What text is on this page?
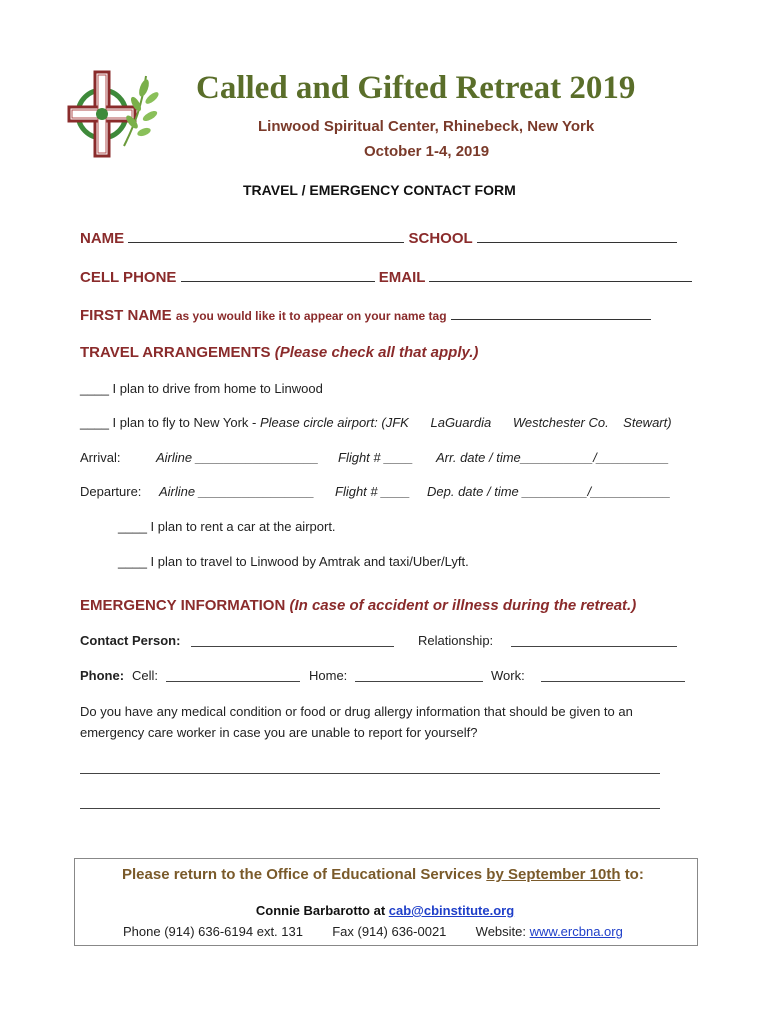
Called and Gifted Retreat 2019
Linwood Spiritual Center, Rhinebeck, New York
October 1-4, 2019
TRAVEL / EMERGENCY CONTACT FORM
NAME	SCHOOL
CELL PHONE	EMAIL
FIRST NAME as you would like it to appear on your name tag
TRAVEL ARRANGEMENTS (Please check all that apply.)
____ I plan to drive from home to Linwood
____ I plan to fly to New York - Please circle airport: (JFK      LaGuardia      Westchester Co.    Stewart)
Arrival:	Airline _________________ Flight # ____ Arr. date / time__________/__________
Departure: Airline ________________ Flight # ____ Dep. date / time _________/___________
____ I plan to rent a car at the airport.
____ I plan to travel to Linwood by Amtrak and taxi/Uber/Lyft.
EMERGENCY INFORMATION (In case of accident or illness during the retreat.)
Contact Person:	Relationship:
Phone: Cell:	Home:	Work:
Do you have any medical condition or food or drug allergy information that should be given to an
emergency care worker in case you are unable to report for yourself?
Please return to the Office of Educational Services by September 10th to:
Connie Barbarotto at cab@cbinstitute.org
Phone (914) 636-6194 ext. 131 Fax (914) 636-0021 Website: www.ercbna.org
